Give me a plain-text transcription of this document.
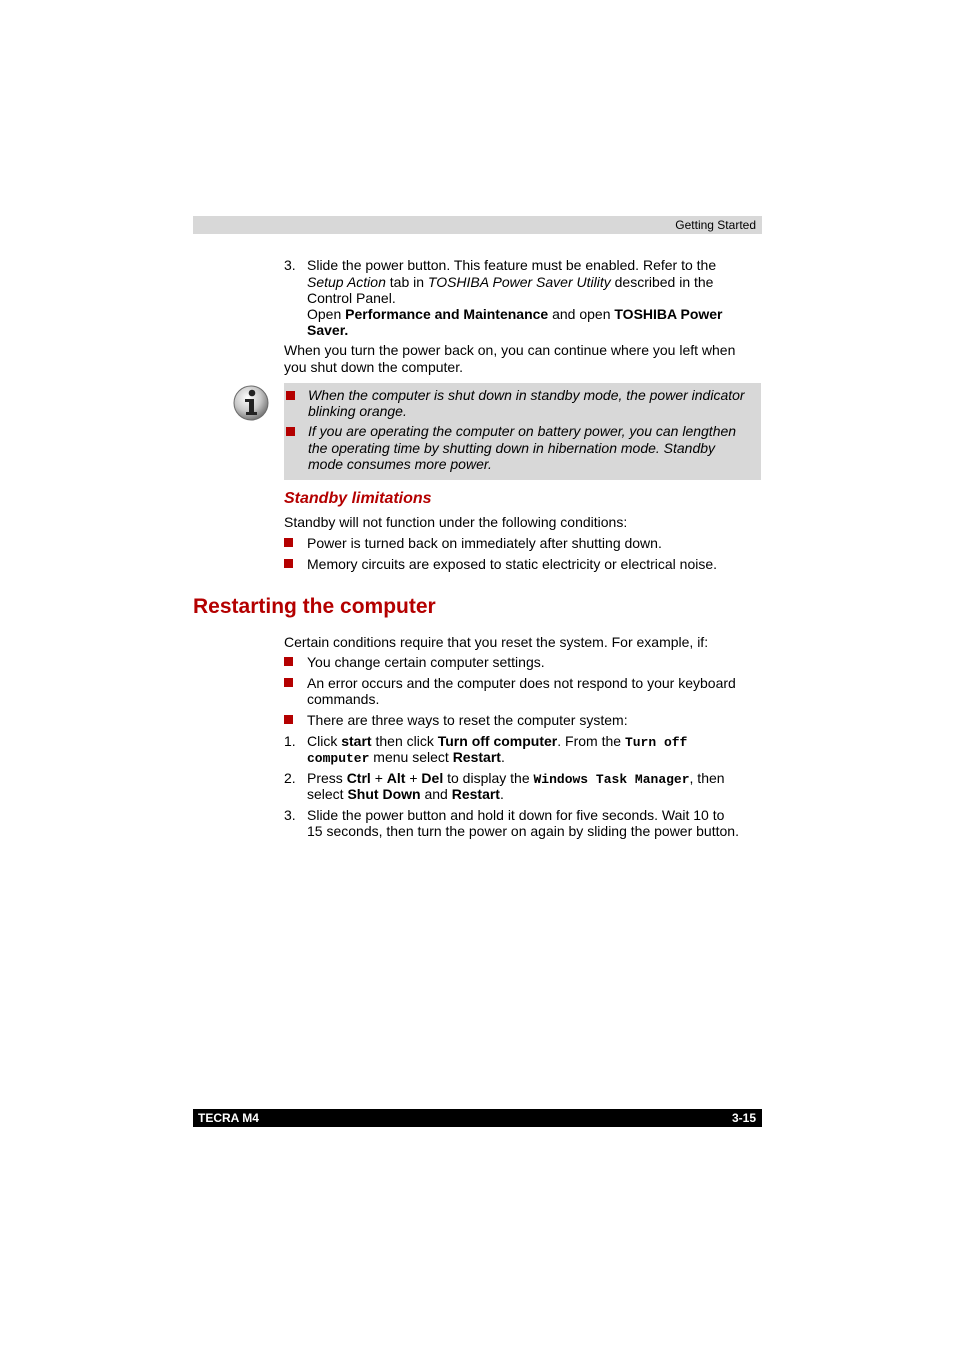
Getting Started
3. Slide the power button. This feature must be enabled. Refer to the
Setup Action tab in TOSHIBA Power Saver Utility described in the
Control Panel.
Open Performance and Maintenance and open TOSHIBA Power
Saver.
When you turn the power back on, you can continue where you left when
you shut down the computer.
When the computer is shut down in standby mode, the power indicator
blinking orange.
If you are operating the computer on battery power, you can lengthen
the operating time by shutting down in hibernation mode. Standby
mode consumes more power.
Standby limitations
Standby will not function under the following conditions:
Power is turned back on immediately after shutting down.
Memory circuits are exposed to static electricity or electrical noise.
Restarting the computer
Certain conditions require that you reset the system. For example, if:
You change certain computer settings.
An error occurs and the computer does not respond to your keyboard
commands.
There are three ways to reset the computer system:
1. Click start then click Turn off computer. From the Turn off
computer menu select Restart.
2. Press Ctrl + Alt + Del to display the Windows Task Manager, then
select Shut Down and Restart.
3. Slide the power button and hold it down for five seconds. Wait 10 to
15 seconds, then turn the power on again by sliding the power button.
TECRA M4	3-15
